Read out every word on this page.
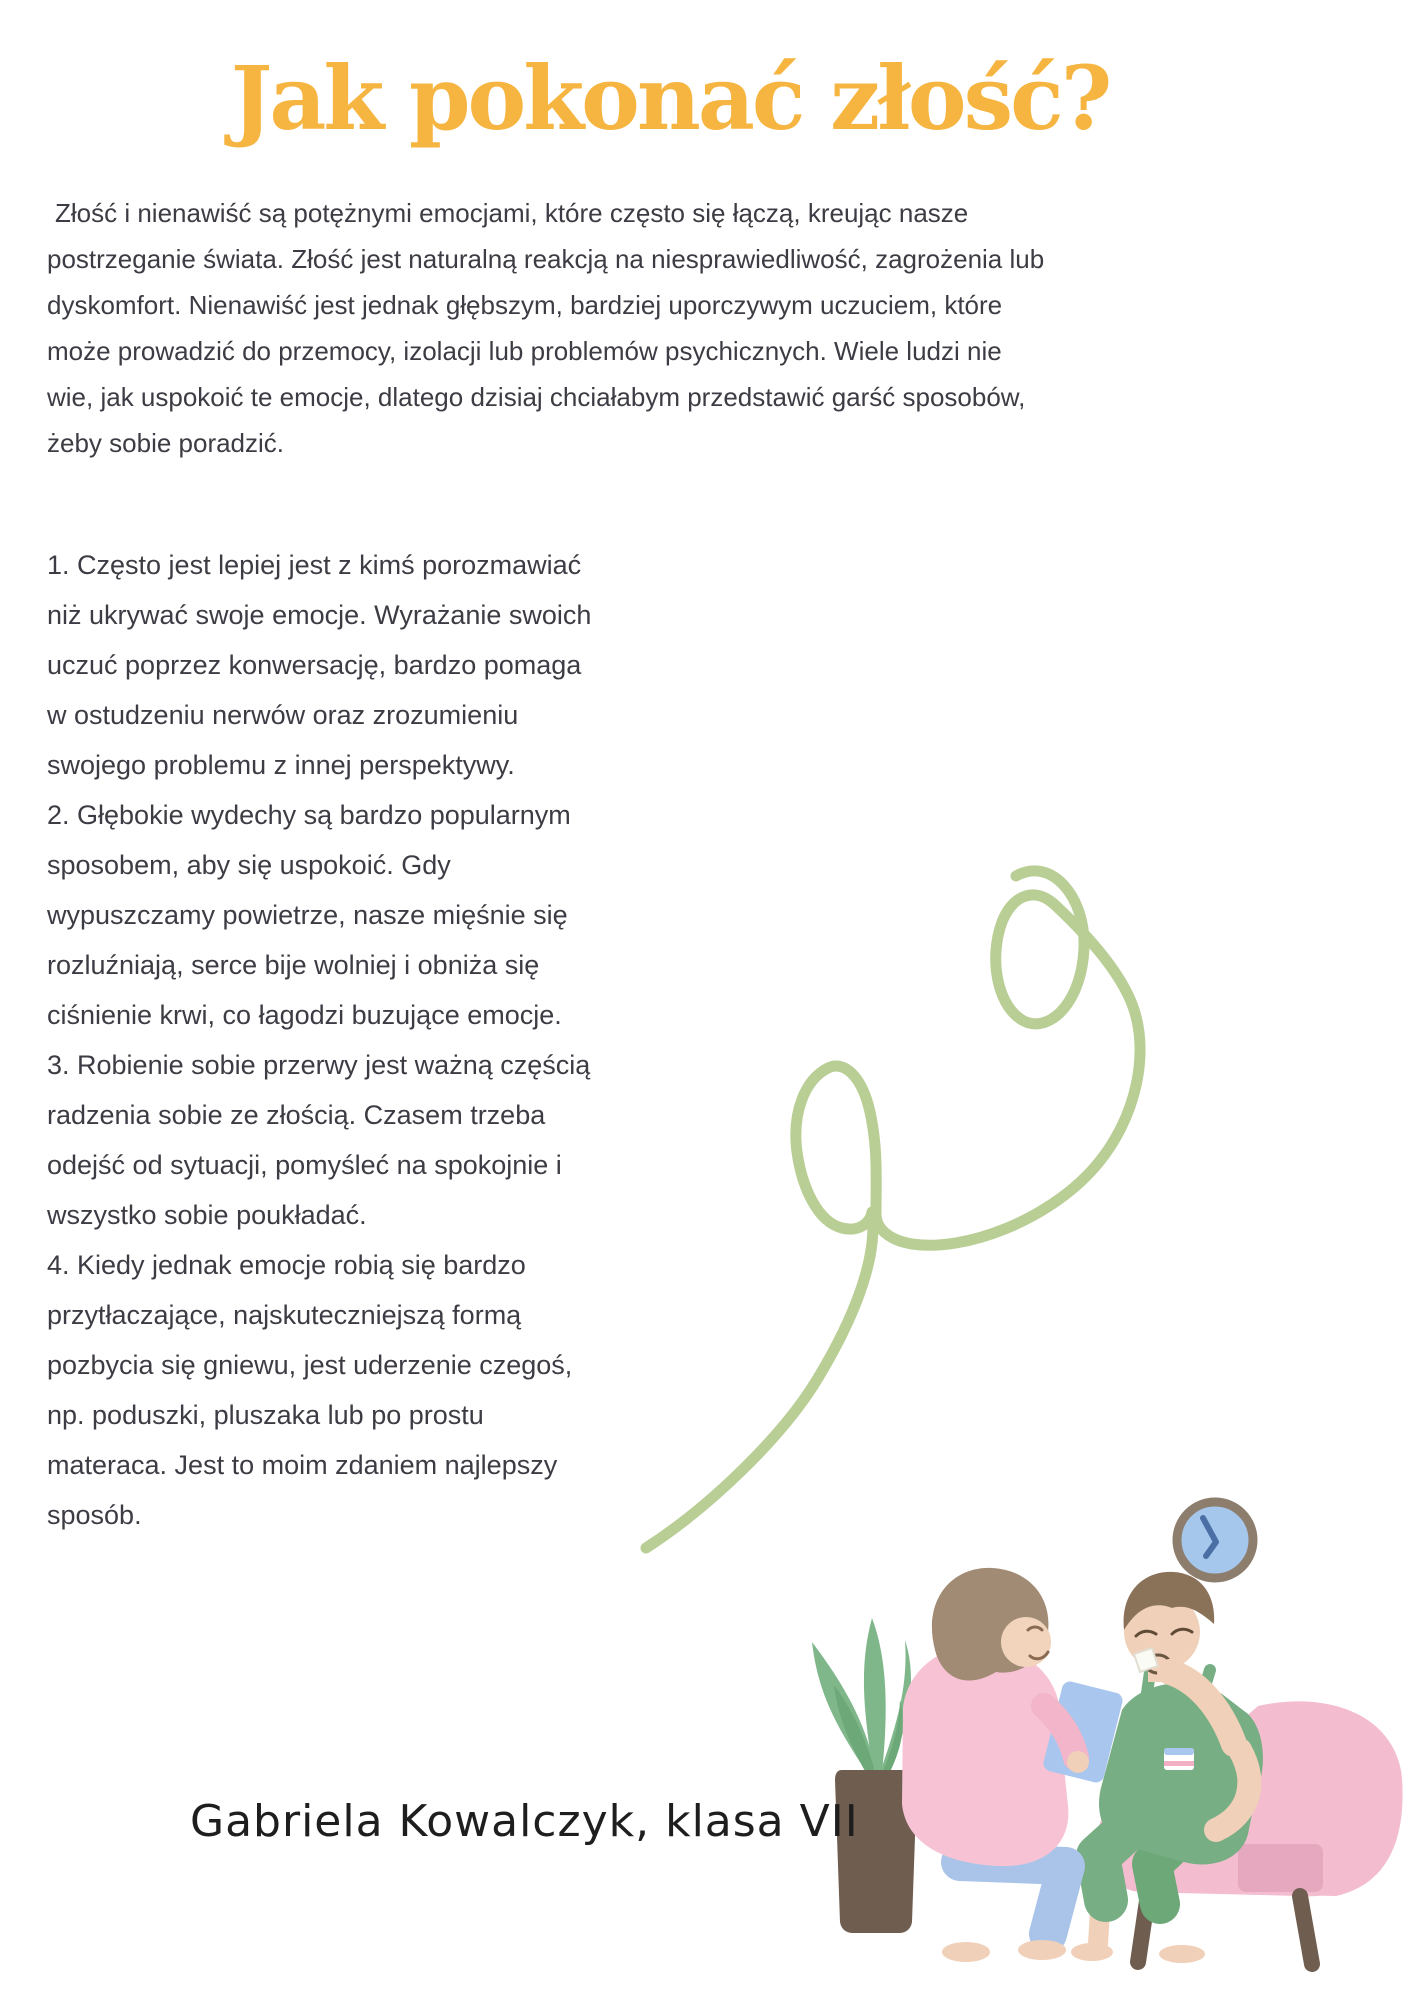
Jak pokonać złość?

Złość i nienawiść są potężnymi emocjami, które często się łączą, kreując nasze postrzeganie świata. Złość jest naturalną reakcją na niesprawiedliwość, zagrożenia lub dyskomfort. Nienawiść jest jednak głębszym, bardziej uporczywym uczuciem, które może prowadzić do przemocy, izolacji lub problemów psychicznych. Wiele ludzi nie wie, jak uspokoić te emocje, dlatego dzisiaj chciałabym przedstawić garść sposobów, żeby sobie poradzić.

1. Często jest lepiej jest z kimś porozmawiać niż ukrywać swoje emocje. Wyrażanie swoich uczuć poprzez konwersację, bardzo pomaga w ostudzeniu nerwów oraz zrozumieniu swojego problemu z innej perspektywy.

2. Głębokie wydechy są bardzo popularnym sposobem, aby się uspokoić. Gdy wypuszczamy powietrze, nasze mięśnie się rozluźniają, serce bije wolniej i obniża się ciśnienie krwi, co łagodzi buzujące emocje.

3. Robienie sobie przerwy jest ważną częścią radzenia sobie ze złością. Czasem trzeba odejść od sytuacji, pomyśleć na spokojnie i wszystko sobie poukładać.

4. Kiedy jednak emocje robią się bardzo przytłaczające, najskuteczniejszą formą pozbycia się gniewu, jest uderzenie czegoś, np. poduszki, pluszaka lub po prostu materaca. Jest to moim zdaniem najlepszy sposób.

Gabriela Kowalczyk, klasa VII
